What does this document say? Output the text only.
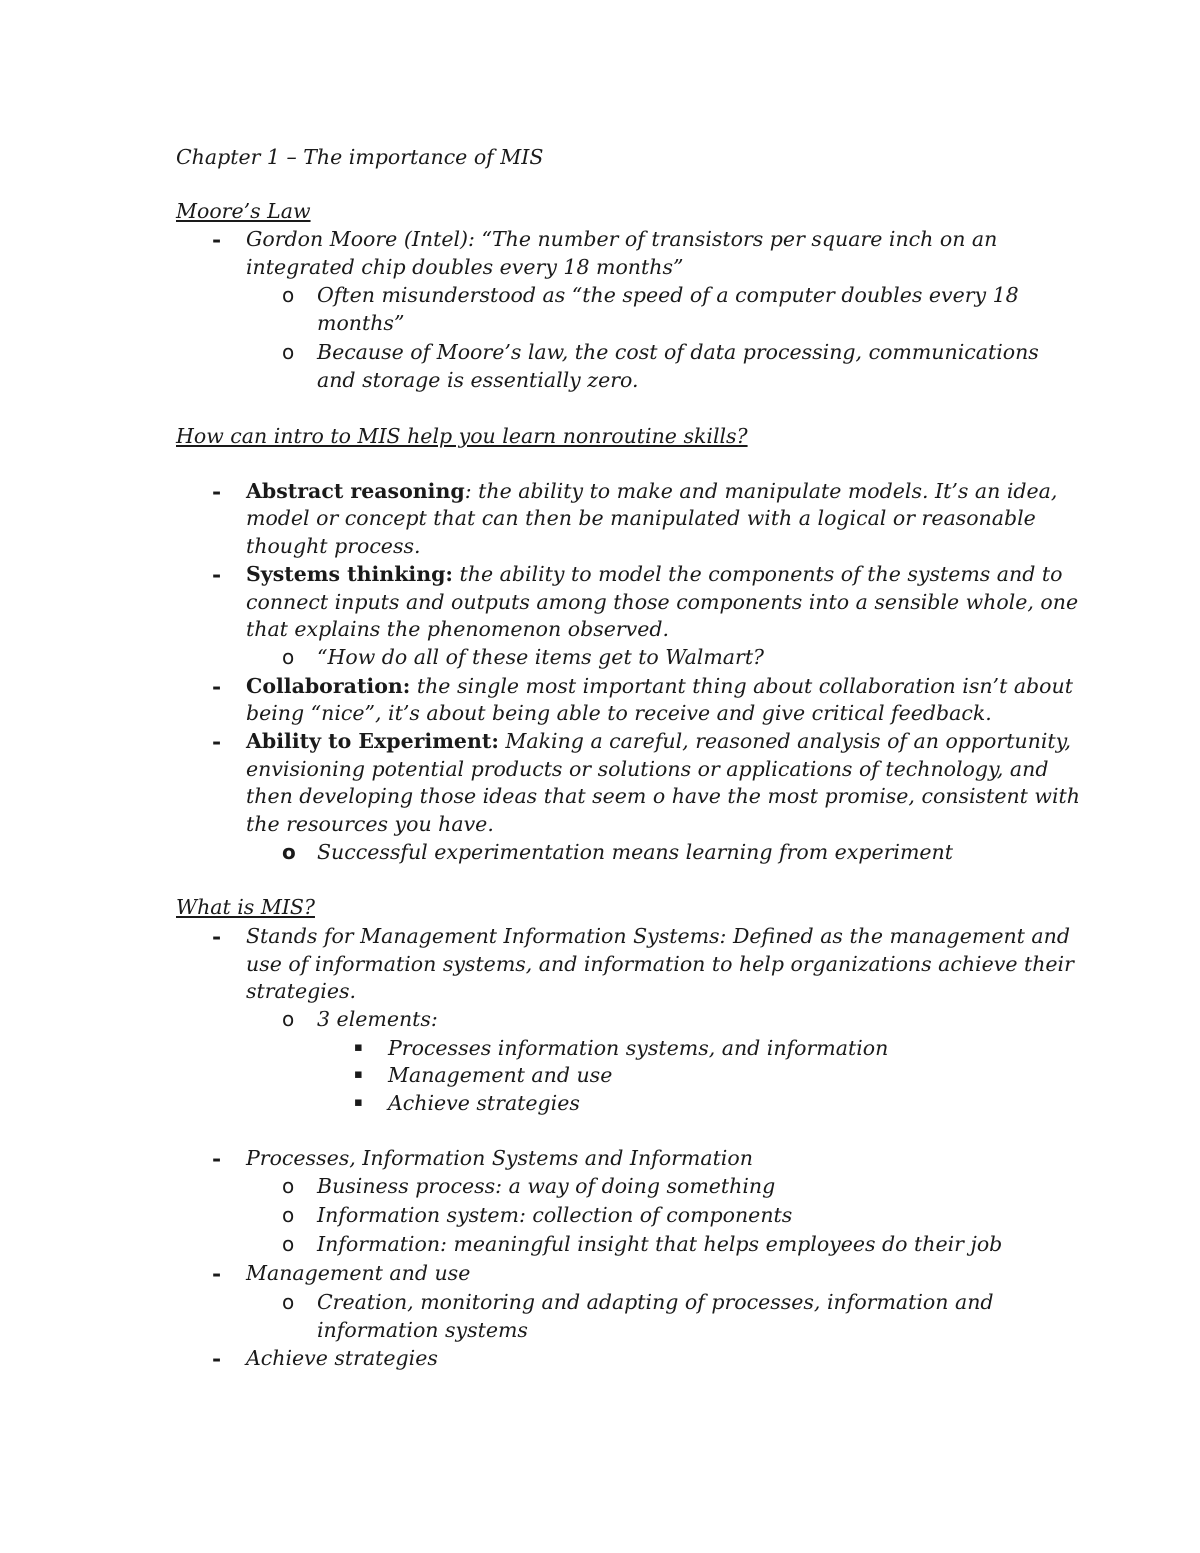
Chapter 1 – The importance of MIS
Moore’s Law
- Gordon Moore (Intel): “The number of transistors per square inch on an
integrated chip doubles every 18 months”
o Often misunderstood as “the speed of a computer doubles every 18
months”
o Because of Moore’s law, the cost of data processing, communications
and storage is essentially zero.
How can intro to MIS help you learn nonroutine skills?
- Abstract reasoning: the ability to make and manipulate models. It’s an idea,
model or concept that can then be manipulated with a logical or reasonable
thought process.
- Systems thinking: the ability to model the components of the systems and to
connect inputs and outputs among those components into a sensible whole, one
that explains the phenomenon observed.
o “How do all of these items get to Walmart?
- Collaboration: the single most important thing about collaboration isn’t about
being “nice”, it’s about being able to receive and give critical feedback.
- Ability to Experiment: Making a careful, reasoned analysis of an opportunity,
envisioning potential products or solutions or applications of technology, and
then developing those ideas that seem o have the most promise, consistent with
the resources you have.
o Successful experimentation means learning from experiment
What is MIS?
- Stands for Management Information Systems: Defined as the management and
use of information systems, and information to help organizations achieve their
strategies.
o 3 elements:
▪ Processes information systems, and information
▪ Management and use
▪ Achieve strategies
- Processes, Information Systems and Information
o Business process: a way of doing something
o Information system: collection of components
o Information: meaningful insight that helps employees do their job
- Management and use
o Creation, monitoring and adapting of processes, information and
information systems
- Achieve strategies
